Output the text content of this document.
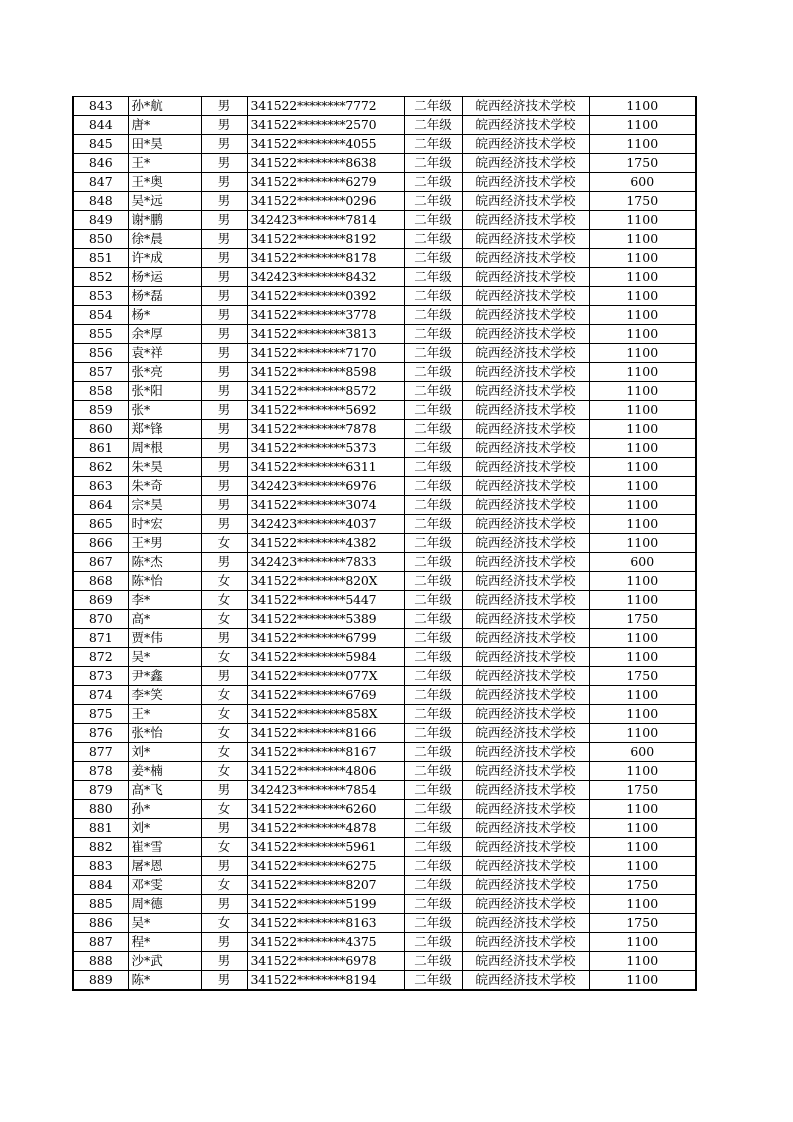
843	孙*航	男	341522********7772	二年级	皖西经济技术学校	1100
844	唐*	男	341522********2570	二年级	皖西经济技术学校	1100
845	田*昊	男	341522********4055	二年级	皖西经济技术学校	1100
846	王*	男	341522********8638	二年级	皖西经济技术学校	1750
847	王*奥	男	341522********6279	二年级	皖西经济技术学校	600
848	吴*远	男	341522********0296	二年级	皖西经济技术学校	1750
849	谢*鹏	男	342423********7814	二年级	皖西经济技术学校	1100
850	徐*晨	男	341522********8192	二年级	皖西经济技术学校	1100
851	许*成	男	341522********8178	二年级	皖西经济技术学校	1100
852	杨*运	男	342423********8432	二年级	皖西经济技术学校	1100
853	杨*磊	男	341522********0392	二年级	皖西经济技术学校	1100
854	杨*	男	341522********3778	二年级	皖西经济技术学校	1100
855	余*厚	男	341522********3813	二年级	皖西经济技术学校	1100
856	袁*祥	男	341522********7170	二年级	皖西经济技术学校	1100
857	张*亮	男	341522********8598	二年级	皖西经济技术学校	1100
858	张*阳	男	341522********8572	二年级	皖西经济技术学校	1100
859	张*	男	341522********5692	二年级	皖西经济技术学校	1100
860	郑*锋	男	341522********7878	二年级	皖西经济技术学校	1100
861	周*根	男	341522********5373	二年级	皖西经济技术学校	1100
862	朱*昊	男	341522********6311	二年级	皖西经济技术学校	1100
863	朱*奇	男	342423********6976	二年级	皖西经济技术学校	1100
864	宗*昊	男	341522********3074	二年级	皖西经济技术学校	1100
865	时*宏	男	342423********4037	二年级	皖西经济技术学校	1100
866	王*男	女	341522********4382	二年级	皖西经济技术学校	1100
867	陈*杰	男	342423********7833	二年级	皖西经济技术学校	600
868	陈*怡	女	341522********820X	二年级	皖西经济技术学校	1100
869	李*	女	341522********5447	二年级	皖西经济技术学校	1100
870	高*	女	341522********5389	二年级	皖西经济技术学校	1750
871	贾*伟	男	341522********6799	二年级	皖西经济技术学校	1100
872	吴*	女	341522********5984	二年级	皖西经济技术学校	1100
873	尹*鑫	男	341522********077X	二年级	皖西经济技术学校	1750
874	李*笑	女	341522********6769	二年级	皖西经济技术学校	1100
875	王*	女	341522********858X	二年级	皖西经济技术学校	1100
876	张*怡	女	341522********8166	二年级	皖西经济技术学校	1100
877	刘*	女	341522********8167	二年级	皖西经济技术学校	600
878	姜*楠	女	341522********4806	二年级	皖西经济技术学校	1100
879	高*飞	男	342423********7854	二年级	皖西经济技术学校	1750
880	孙*	女	341522********6260	二年级	皖西经济技术学校	1100
881	刘*	男	341522********4878	二年级	皖西经济技术学校	1100
882	崔*雪	女	341522********5961	二年级	皖西经济技术学校	1100
883	屠*恩	男	341522********6275	二年级	皖西经济技术学校	1100
884	邓*雯	女	341522********8207	二年级	皖西经济技术学校	1750
885	周*德	男	341522********5199	二年级	皖西经济技术学校	1100
886	吴*	女	341522********8163	二年级	皖西经济技术学校	1750
887	程*	男	341522********4375	二年级	皖西经济技术学校	1100
888	沙*武	男	341522********6978	二年级	皖西经济技术学校	1100
889	陈*	男	341522********8194	二年级	皖西经济技术学校	1100
